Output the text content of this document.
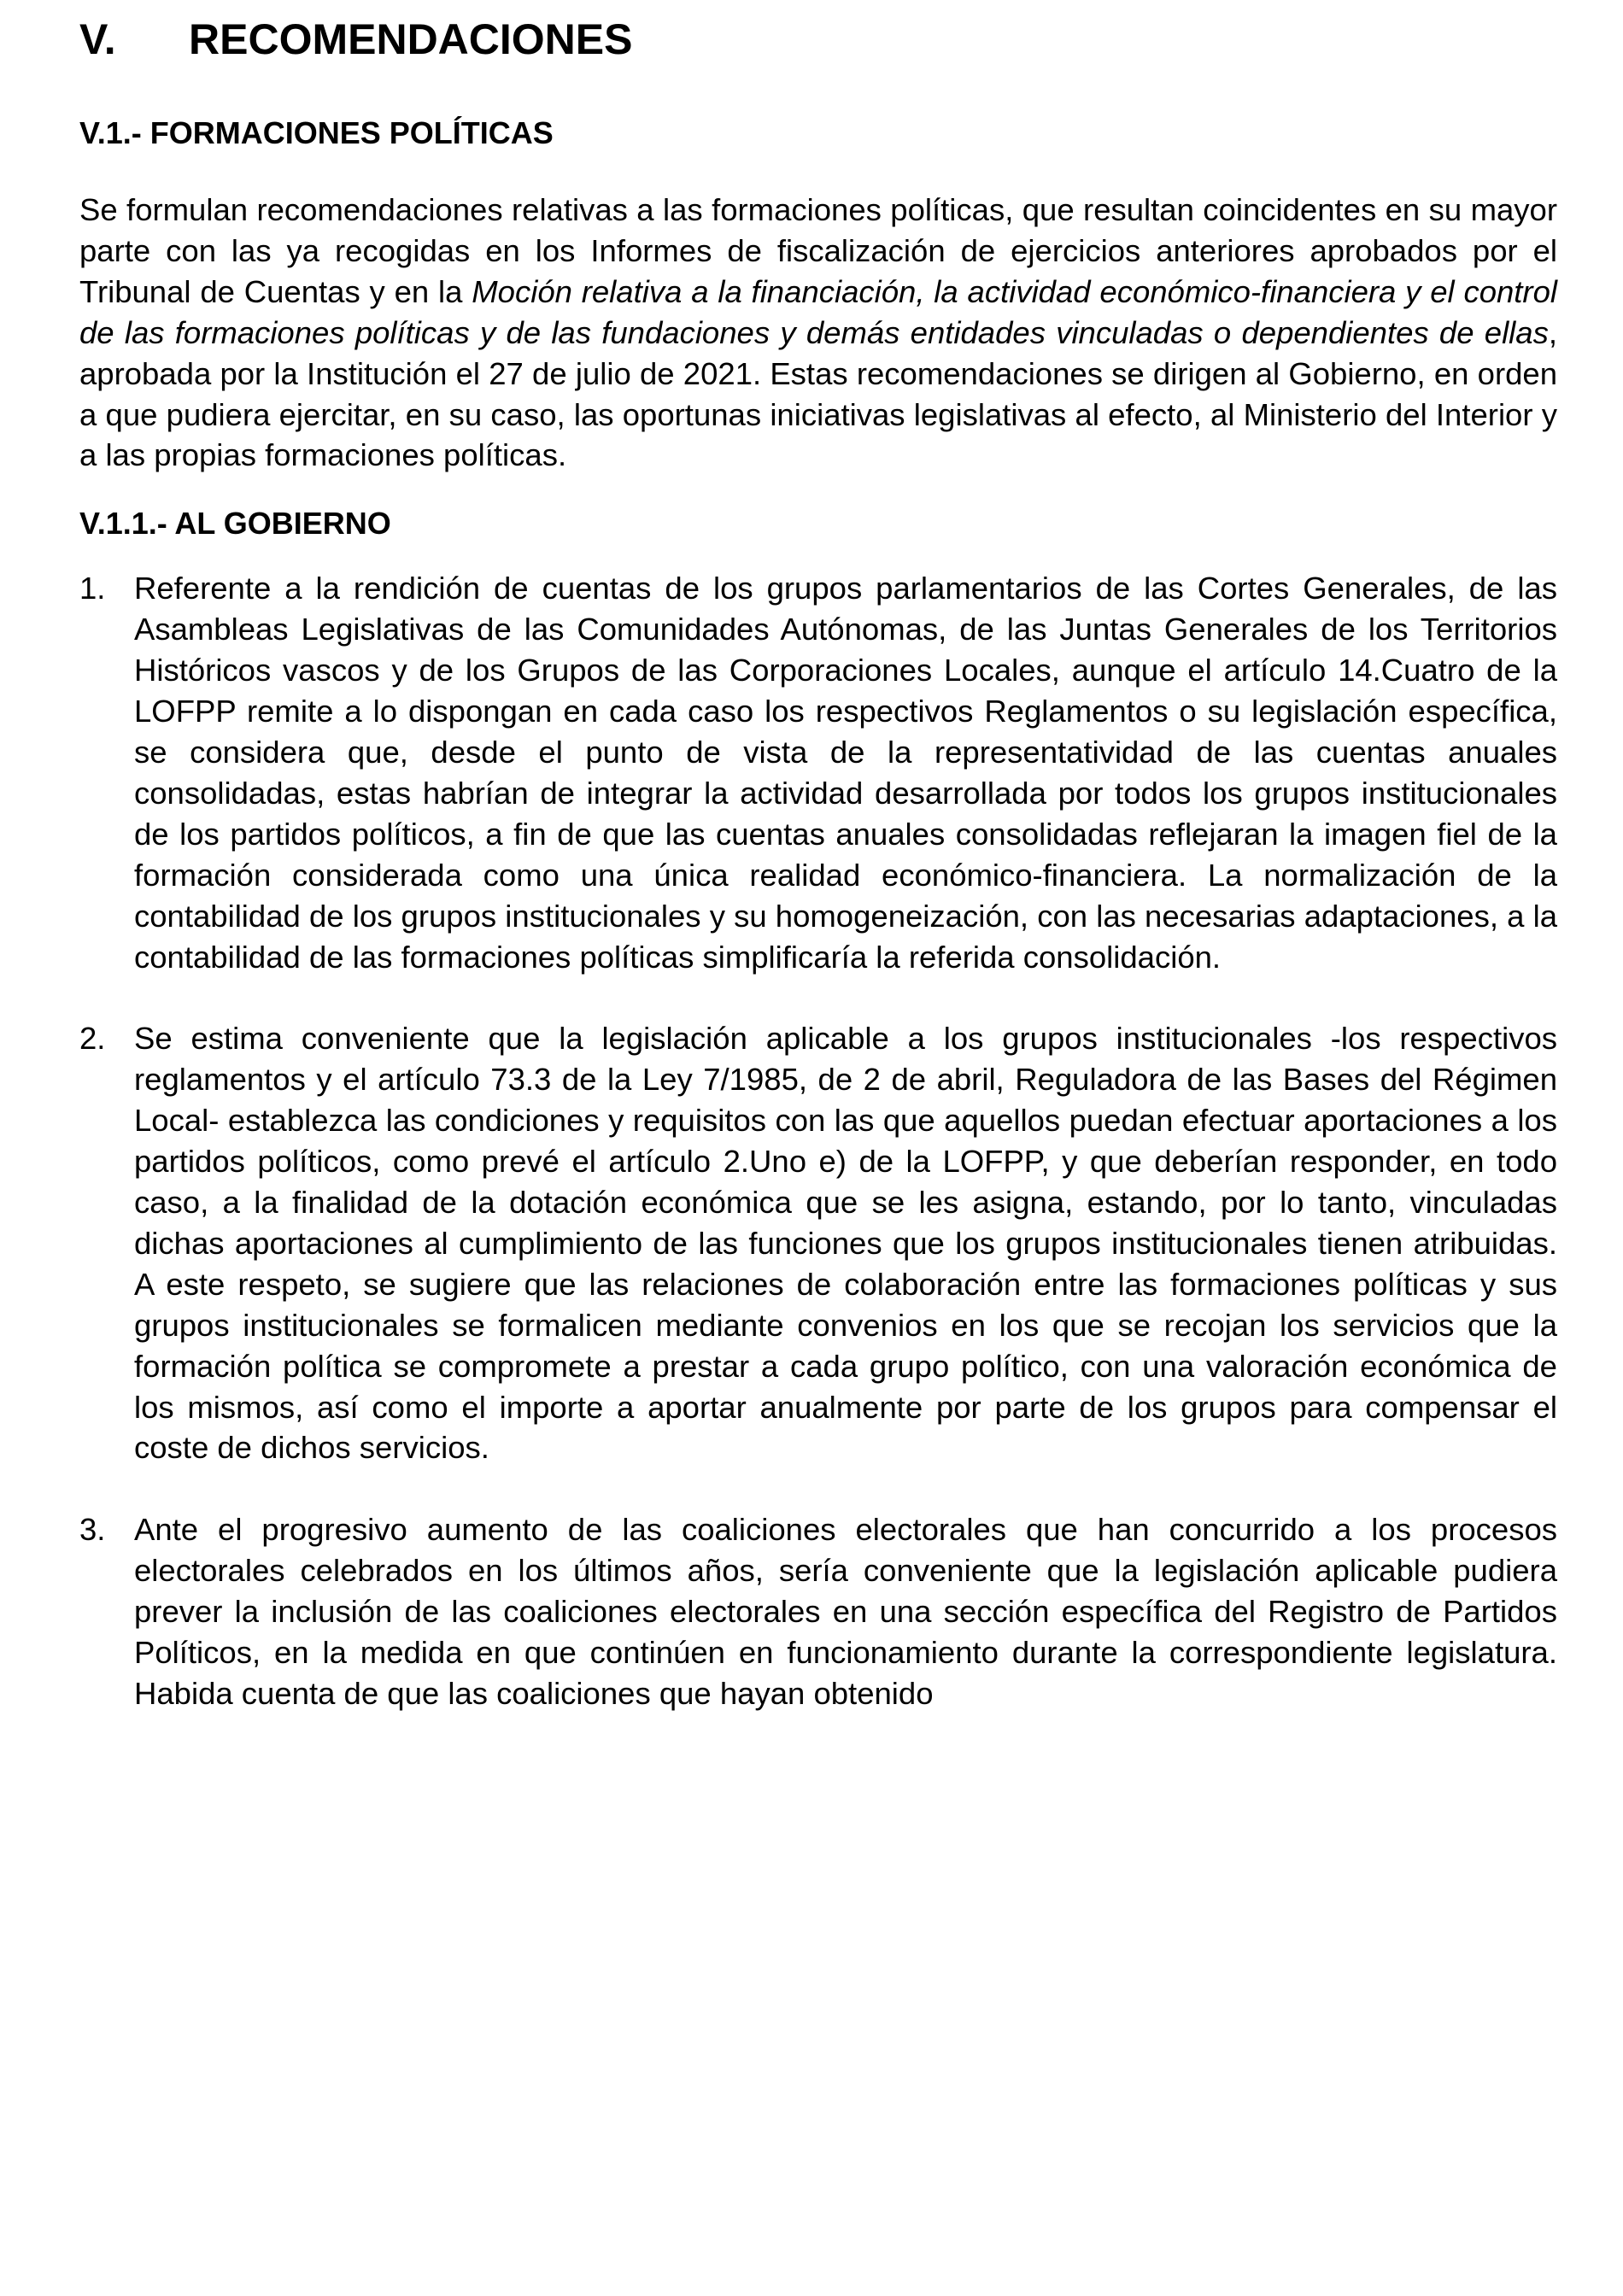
V. RECOMENDACIONES
V.1.- FORMACIONES POLÍTICAS

Se formulan recomendaciones relativas a las formaciones políticas, que resultan coincidentes en su mayor parte con las ya recogidas en los Informes de fiscalización de ejercicios anteriores aprobados por el Tribunal de Cuentas y en la Moción relativa a la financiación, la actividad económico-financiera y el control de las formaciones políticas y de las fundaciones y demás entidades vinculadas o dependientes de ellas, aprobada por la Institución el 27 de julio de 2021. Estas recomendaciones se dirigen al Gobierno, en orden a que pudiera ejercitar, en su caso, las oportunas iniciativas legislativas al efecto, al Ministerio del Interior y a las propias formaciones políticas.

V.1.1.- AL GOBIERNO
1. Referente a la rendición de cuentas de los grupos parlamentarios de las Cortes Generales, de las Asambleas Legislativas de las Comunidades Autónomas, de las Juntas Generales de los Territorios Históricos vascos y de los Grupos de las Corporaciones Locales, aunque el artículo 14.Cuatro de la LOFPP remite a lo dispongan en cada caso los respectivos Reglamentos o su legislación específica, se considera que, desde el punto de vista de la representatividad de las cuentas anuales consolidadas, estas habrían de integrar la actividad desarrollada por todos los grupos institucionales de los partidos políticos, a fin de que las cuentas anuales consolidadas reflejaran la imagen fiel de la formación considerada como una única realidad económico-financiera. La normalización de la contabilidad de los grupos institucionales y su homogeneización, con las necesarias adaptaciones, a la contabilidad de las formaciones políticas simplificaría la referida consolidación.
2. Se estima conveniente que la legislación aplicable a los grupos institucionales -los respectivos reglamentos y el artículo 73.3 de la Ley 7/1985, de 2 de abril, Reguladora de las Bases del Régimen Local- establezca las condiciones y requisitos con las que aquellos puedan efectuar aportaciones a los partidos políticos, como prevé el artículo 2.Uno e) de la LOFPP, y que deberían responder, en todo caso, a la finalidad de la dotación económica que se les asigna, estando, por lo tanto, vinculadas dichas aportaciones al cumplimiento de las funciones que los grupos institucionales tienen atribuidas. A este respeto, se sugiere que las relaciones de colaboración entre las formaciones políticas y sus grupos institucionales se formalicen mediante convenios en los que se recojan los servicios que la formación política se compromete a prestar a cada grupo político, con una valoración económica de los mismos, así como el importe a aportar anualmente por parte de los grupos para compensar el coste de dichos servicios.
3. Ante el progresivo aumento de las coaliciones electorales que han concurrido a los procesos electorales celebrados en los últimos años, sería conveniente que la legislación aplicable pudiera prever la inclusión de las coaliciones electorales en una sección específica del Registro de Partidos Políticos, en la medida en que continúen en funcionamiento durante la correspondiente legislatura. Habida cuenta de que las coaliciones que hayan obtenido
